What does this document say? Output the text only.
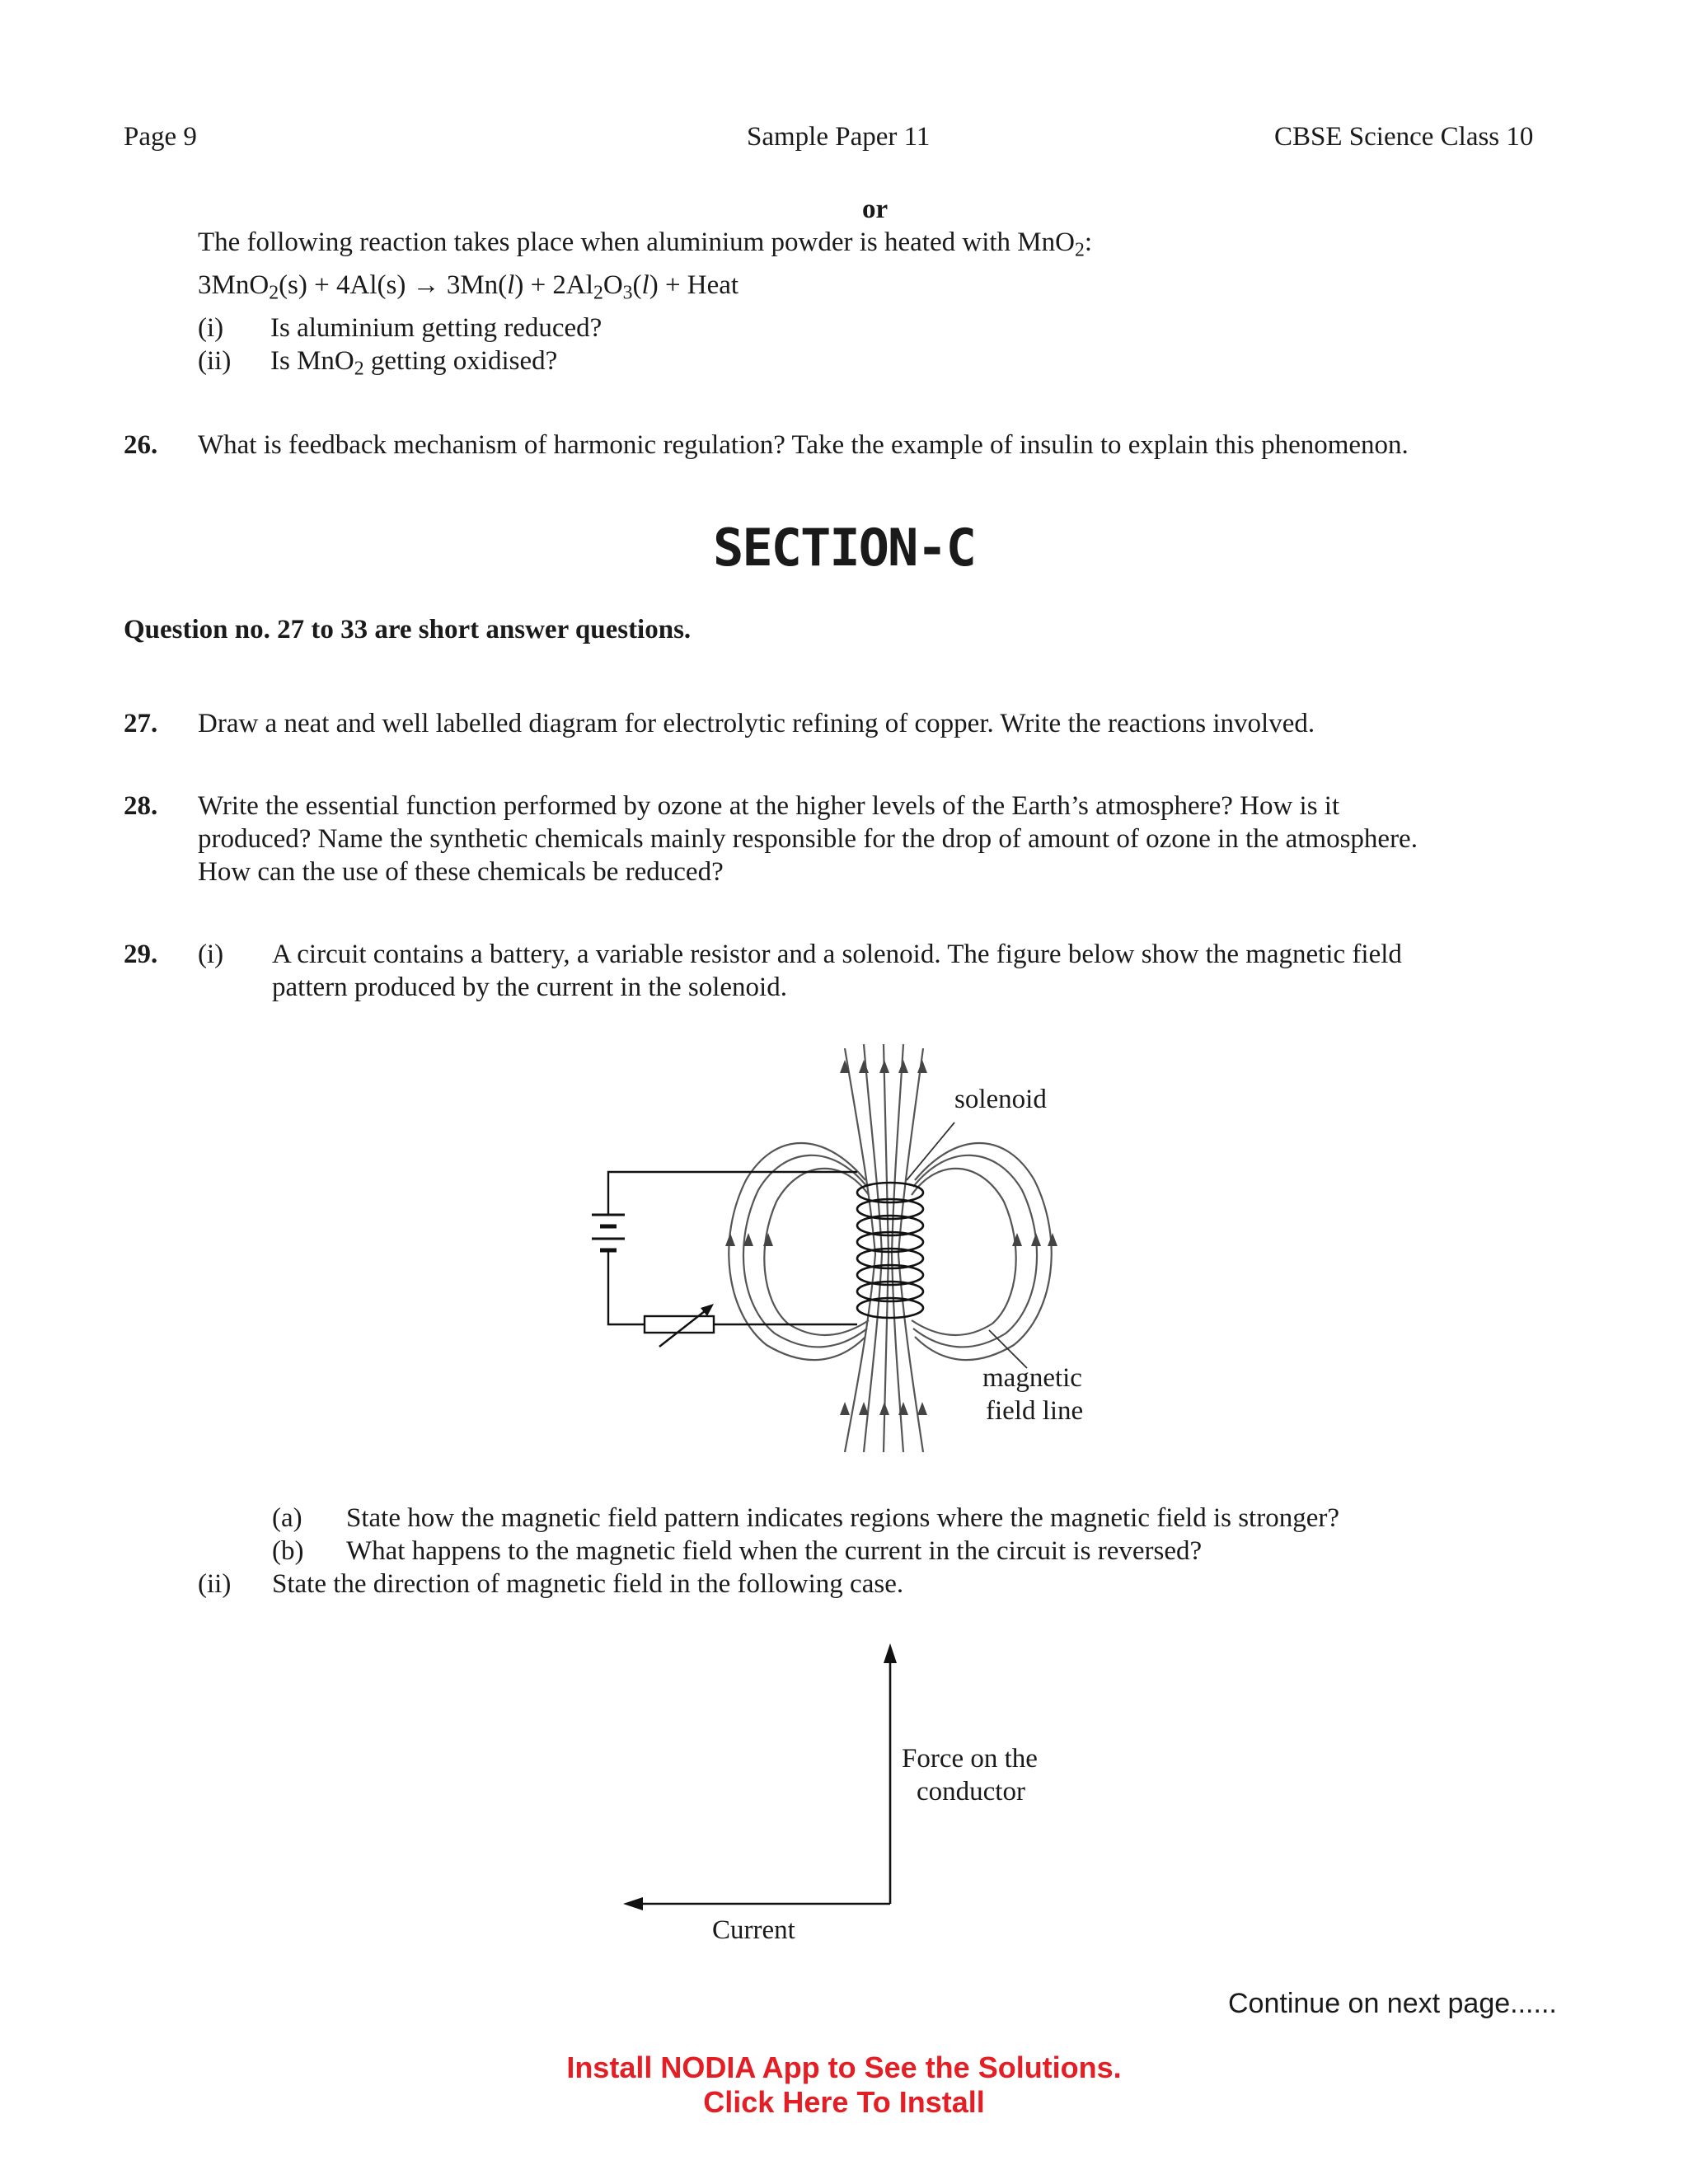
Page 9	Sample Paper 11	CBSE Science Class 10
or
The following reaction takes place when aluminium powder is heated with MnO$_2$:
$3MnO_2(s) + 4Al(s) \to 3Mn(l) + 2Al_2O_3(l)$ + Heat
(i) Is aluminium getting reduced?
(ii) Is MnO$_2$ getting oxidised?
26. What is feedback mechanism of harmonic regulation? Take the example of insulin to explain this phenomenon.
SECTION-C
Question no. 27 to 33 are short answer questions.
27. Draw a neat and well labelled diagram for electrolytic refining of copper. Write the reactions involved.
28. Write the essential function performed by ozone at the higher levels of the Earth’s atmosphere? How is it
produced? Name the synthetic chemicals mainly responsible for the drop of amount of ozone in the atmosphere.
How can the use of these chemicals be reduced?
29. (i) A circuit contains a battery, a variable resistor and a solenoid. The figure below show the magnetic field
pattern produced by the current in the solenoid.
solenoid
magnetic
field line
(a) State how the magnetic field pattern indicates regions where the magnetic field is stronger?
(b) What happens to the magnetic field when the current in the circuit is reversed?
(ii) State the direction of magnetic field in the following case.
Force on the
conductor
Current
Continue on next page......
Install NODIA App to See the Solutions.
Click Here To Install
